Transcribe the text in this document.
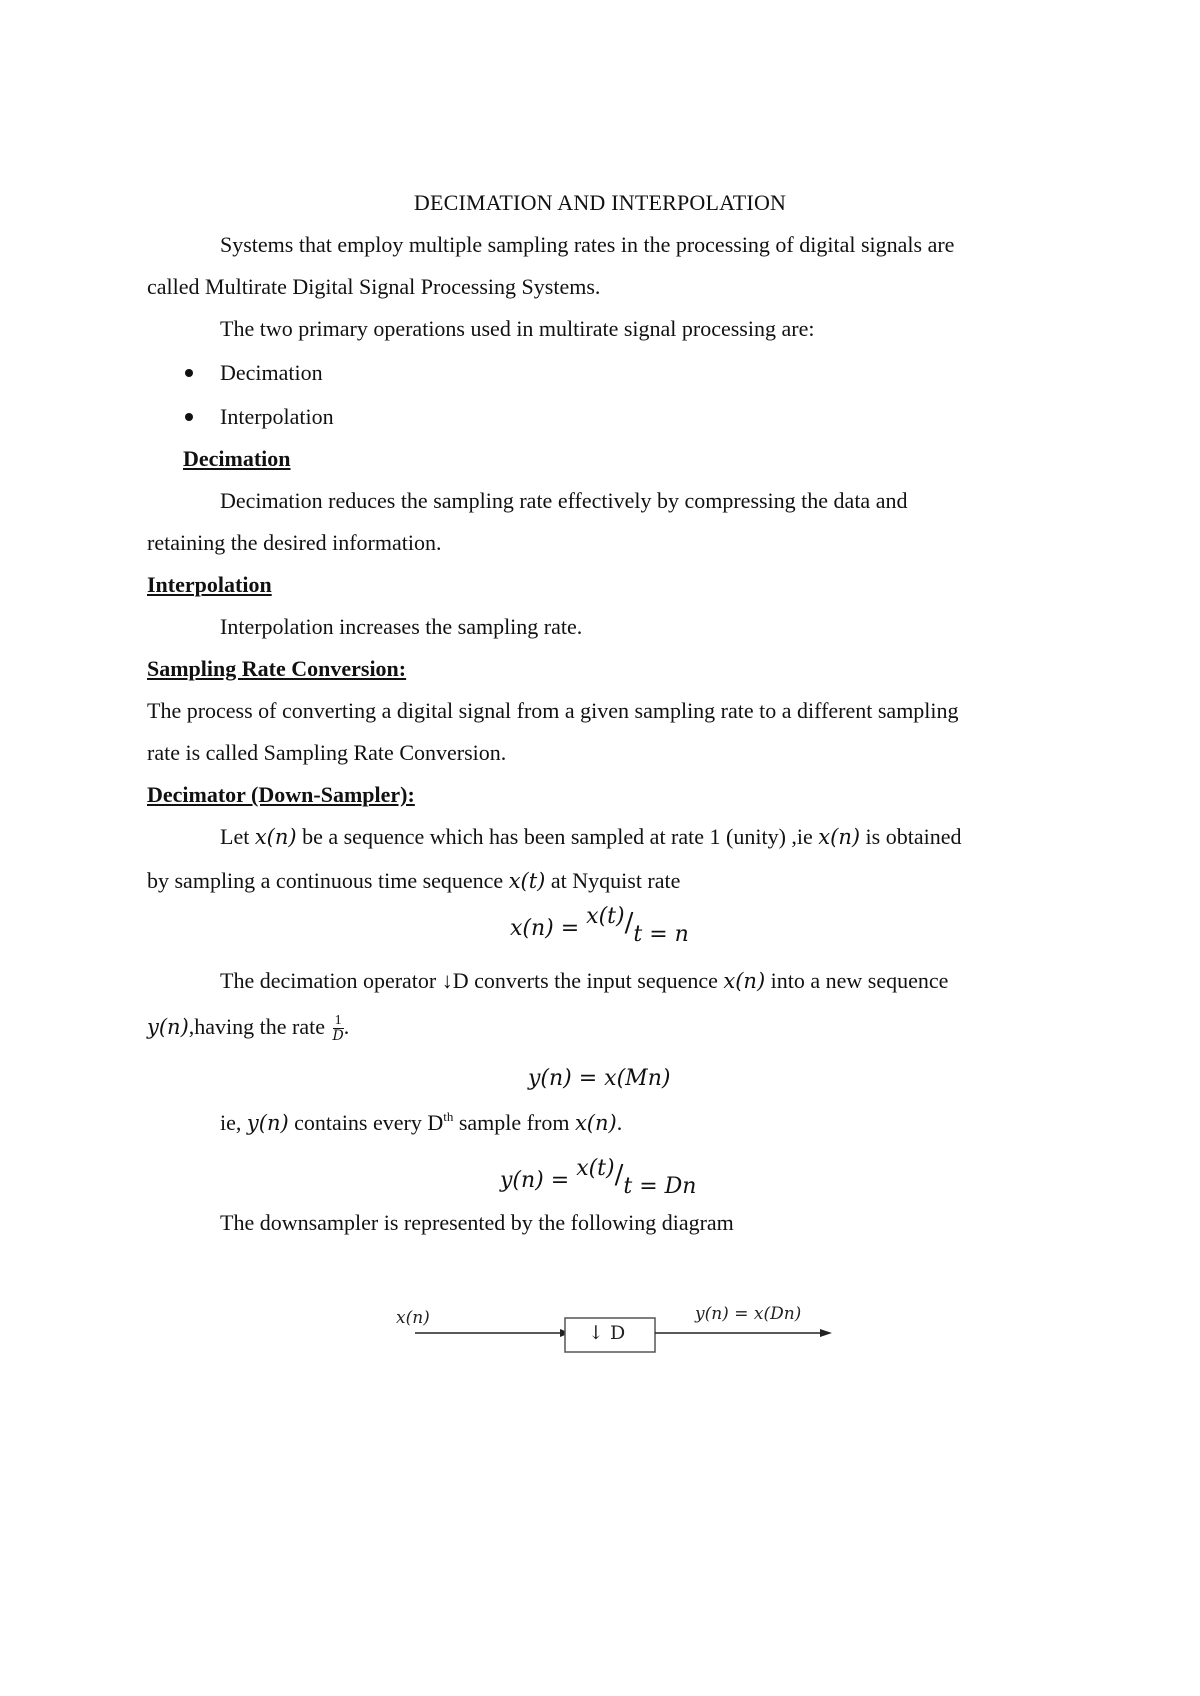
DECIMATION AND INTERPOLATION
Systems that employ multiple sampling rates in the processing of digital signals are
called Multirate Digital Signal Processing Systems.
The two primary operations used in multirate signal processing are:
Decimation
Interpolation
Decimation
Decimation reduces the sampling rate effectively by compressing the data and
retaining the desired information.
Interpolation
Interpolation increases the sampling rate.
Sampling Rate Conversion:
The process of converting a digital signal from a given sampling rate to a different sampling
rate is called Sampling Rate Conversion.
Decimator (Down-Sampler):
Let x(n) be a sequence which has been sampled at rate 1 (unity) ,ie x(n) is obtained
by sampling a continuous time sequence x(t) at Nyquist rate
x(n) = x(t)/t = n
The decimation operator ↓D converts the input sequence x(n) into a new sequence
y(n),having the rate $\frac{1}{D}$ .
y(n) = x(Mn)
ie, y(n) contains every Dth sample from x(n).
y(n) = x(t)/t = Dn
The downsampler is represented by the following diagram
x(n)
↓ D
y(n) = x(Dn)
